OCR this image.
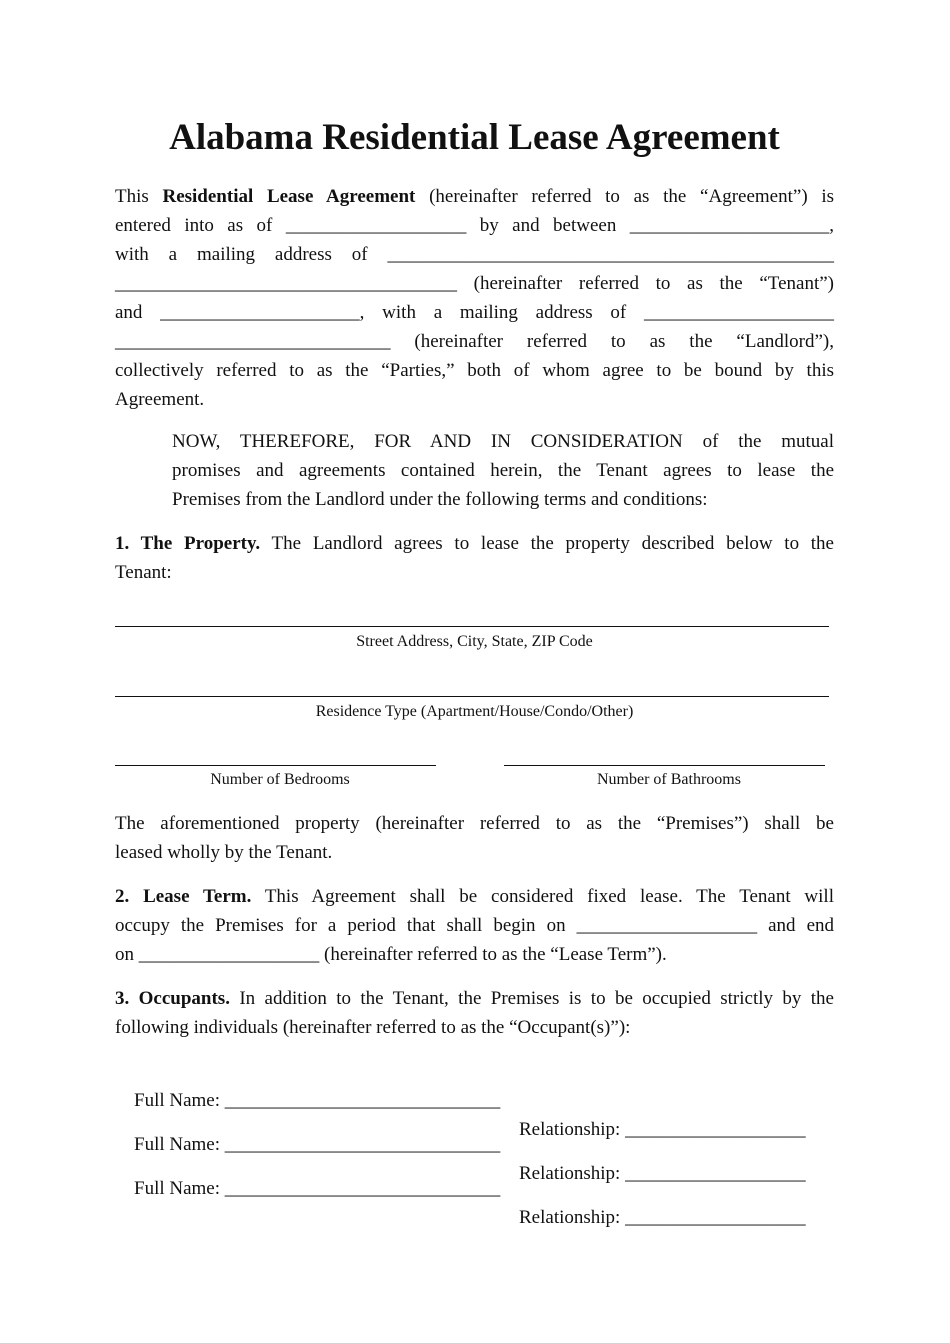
Alabama Residential Lease Agreement
This Residential Lease Agreement (hereinafter referred to as the “Agreement”) is
entered into as of ___________________ by and between _____________________,
with a mailing address of _______________________________________________
____________________________________ (hereinafter referred to as the “Tenant”)
and _____________________, with a mailing address of ____________________
_____________________________ (hereinafter referred to as the “Landlord”),
collectively referred to as the “Parties,” both of whom agree to be bound by this
Agreement.
NOW, THEREFORE, FOR AND IN CONSIDERATION of the mutual
promises and agreements contained herein, the Tenant agrees to lease the
Premises from the Landlord under the following terms and conditions:
1. The Property. The Landlord agrees to lease the property described below to the
Tenant:
Street Address, City, State, ZIP Code
Residence Type (Apartment/House/Condo/Other)
Number of Bedrooms	Number of Bathrooms
The aforementioned property (hereinafter referred to as the “Premises”) shall be
leased wholly by the Tenant.
2. Lease Term. This Agreement shall be considered fixed lease. The Tenant will
occupy the Premises for a period that shall begin on ___________________ and end
on ___________________ (hereinafter referred to as the “Lease Term”).
3. Occupants. In addition to the Tenant, the Premises is to be occupied strictly by the
following individuals (hereinafter referred to as the “Occupant(s)”):

Full Name: _____________________________

Relationship: ___________________

Full Name: _____________________________

Relationship: ___________________

Full Name: _____________________________

Relationship: ___________________
